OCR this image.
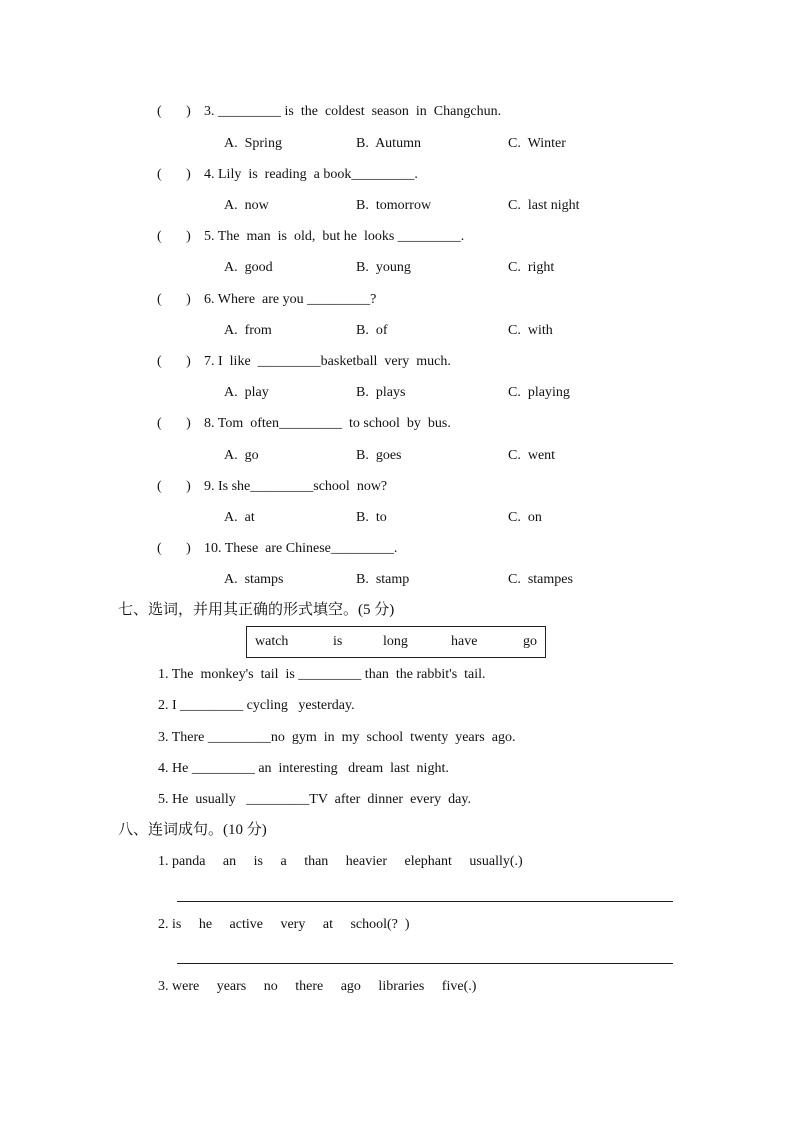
(       ) 3. _________ is  the  coldest  season  in  Changchun.
A.  Spring	B.  Autumn	C.  Winter
(       ) 4. Lily  is  reading  a book_________.
A.  now	B.  tomorrow	C.  last night
(       ) 5. The  man  is  old,  but he  looks _________.
A.  good	B.  young	C.  right
(       ) 6. Where  are you _________?
A.  from	B.  of	C.  with
(       ) 7. I  like  _________basketball  very  much.
A.  play	B.  plays	C.  playing
(       ) 8. Tom  often_________  to school  by  bus.
A.  go	B.  goes	C.  went
(       ) 9. Is she_________school  now?
A.  at	B.  to	C.  on
(       ) 10. These  are Chinese_________.
A.  stamps	B.  stamp	C.  stampes
七、选词，并用其正确的形式填空。(5 分)
watch	is	long	have	go
1. The  monkey's  tail  is _________ than  the rabbit's  tail.
2. I _________ cycling   yesterday.
3. There _________no  gym  in  my  school  twenty  years  ago.
4. He _________ an  interesting   dream  last  night.
5. He  usually   _________TV  after  dinner  every  day.
八、连词成句。(10 分)
1. panda     an     is     a     than     heavier     elephant     usually(.)
2. is     he     active     very     at     school(?  )
3. were     years     no     there     ago     libraries     five(.)
